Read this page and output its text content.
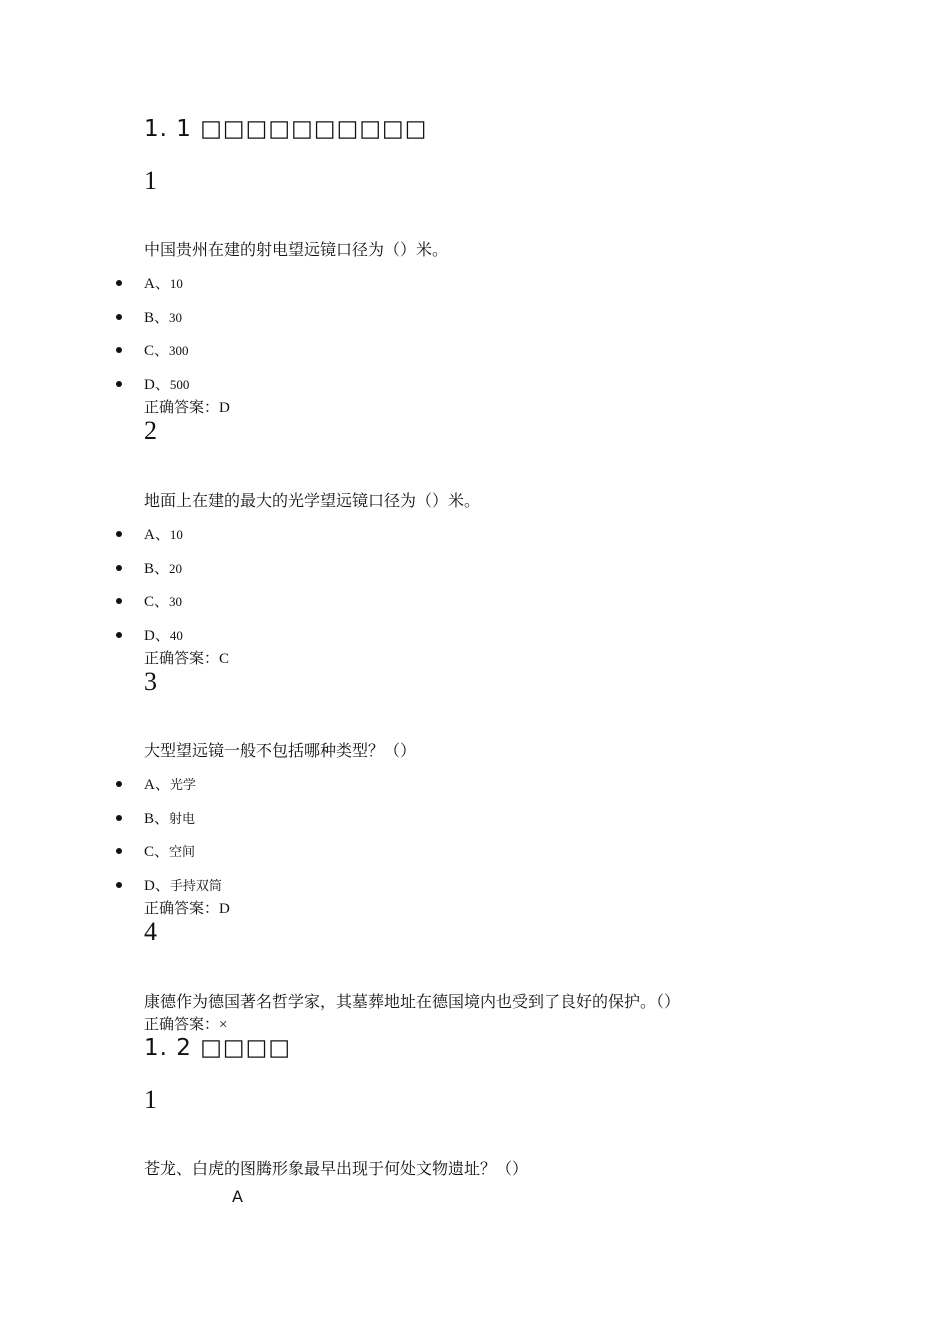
1. 1 □□□□□□□□□□
1
中国贵州在建的射电望远镜口径为（）米。
A、10
B、30
C、300
D、500
正确答案：D
2
地面上在建的最大的光学望远镜口径为（）米。
A、10
B、20
C、30
D、40
正确答案：C
3
大型望远镜一般不包括哪种类型？（）
A、光学
B、射电
C、空间
D、手持双筒
正确答案：D
4
康德作为德国著名哲学家，其墓葬地址在德国境内也受到了良好的保护。（）
正确答案：×
1. 2 □□□□
1
苍龙、白虎的图腾形象最早出现于何处文物遗址？（）
A
